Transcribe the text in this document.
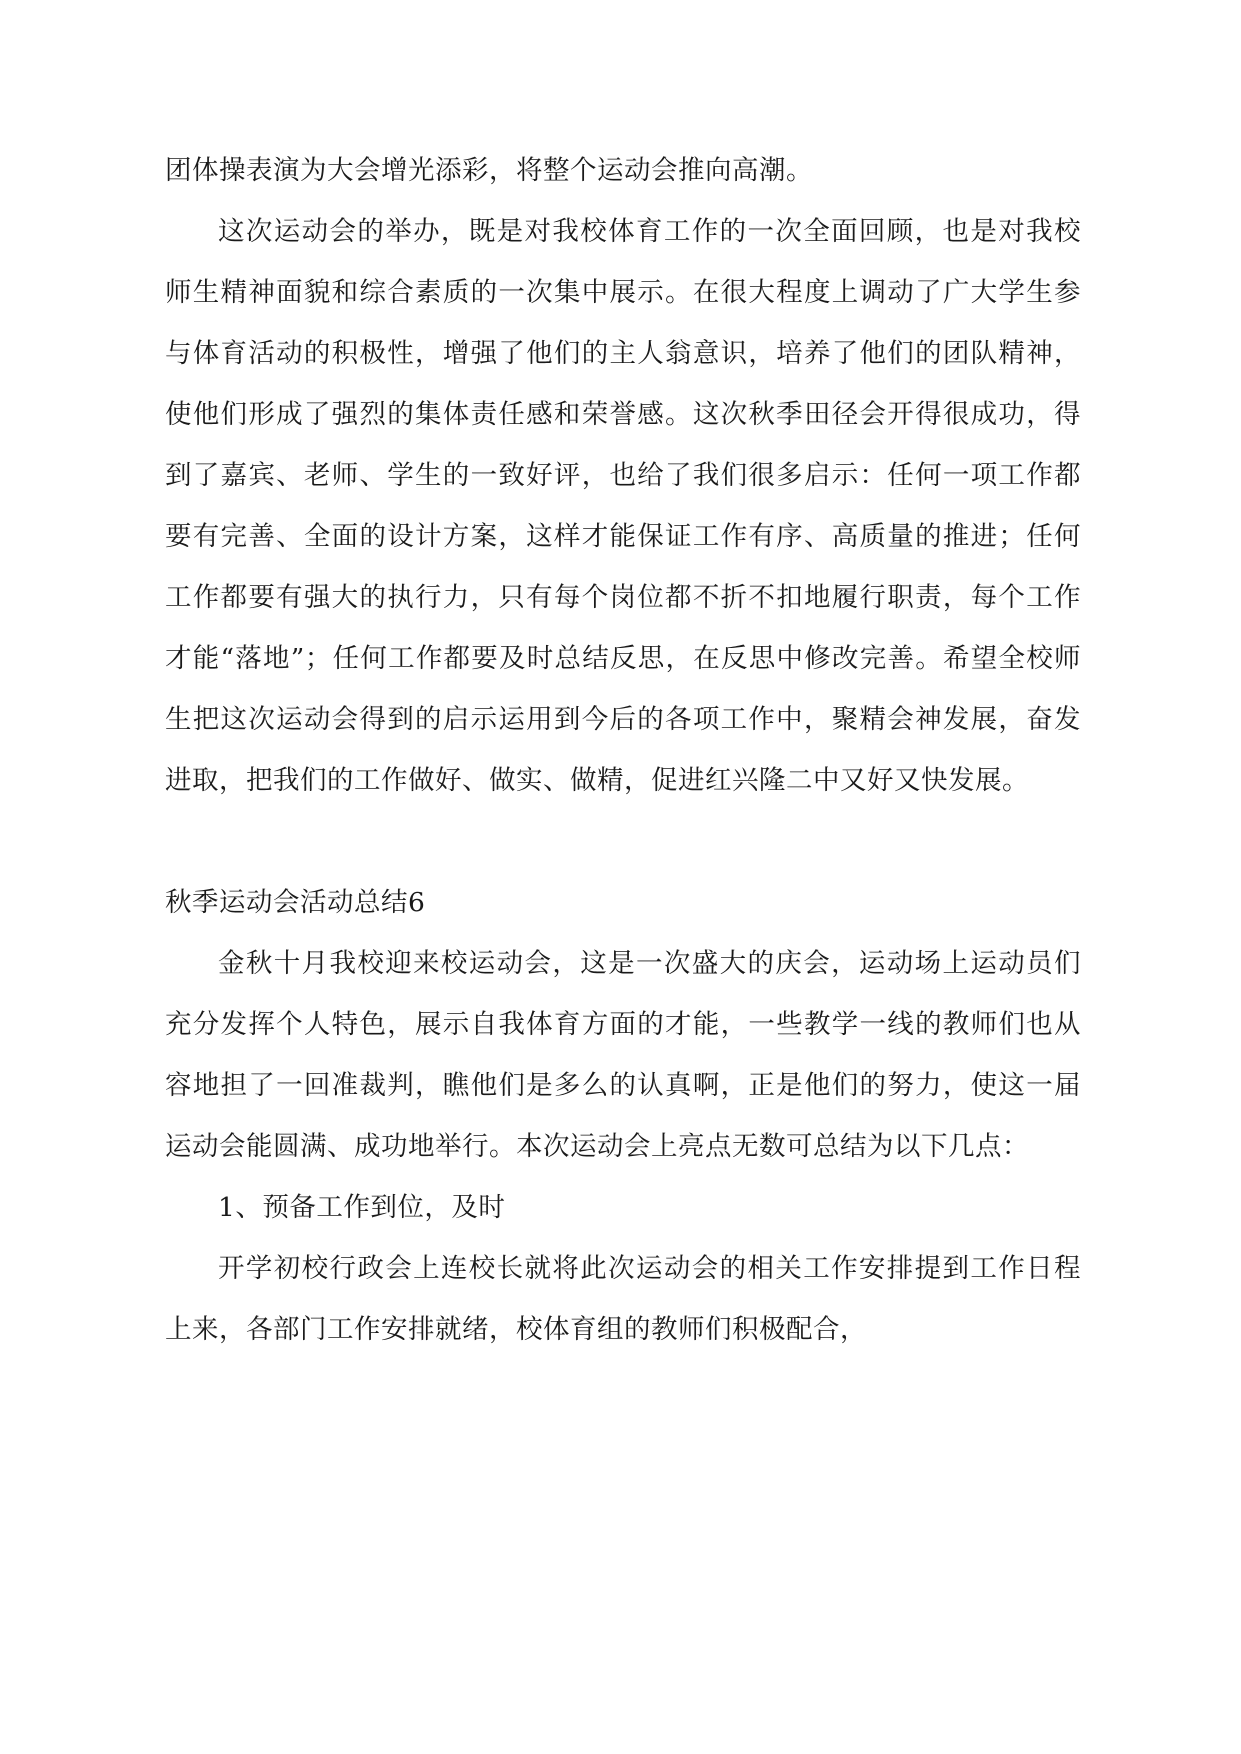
团体操表演为大会增光添彩，将整个运动会推向高潮。

这次运动会的举办，既是对我校体育工作的一次全面回顾，也是对我校师生精神面貌和综合素质的一次集中展示。在很大程度上调动了广大学生参与体育活动的积极性，增强了他们的主人翁意识，培养了他们的团队精神，使他们形成了强烈的集体责任感和荣誉感。这次秋季田径会开得很成功，得到了嘉宾、老师、学生的一致好评，也给了我们很多启示：任何一项工作都要有完善、全面的设计方案，这样才能保证工作有序、高质量的推进；任何工作都要有强大的执行力，只有每个岗位都不折不扣地履行职责，每个工作才能“落地”；任何工作都要及时总结反思，在反思中修改完善。希望全校师生把这次运动会得到的启示运用到今后的各项工作中，聚精会神发展，奋发进取，把我们的工作做好、做实、做精，促进红兴隆二中又好又快发展。

秋季运动会活动总结6

金秋十月我校迎来校运动会，这是一次盛大的庆会，运动场上运动员们充分发挥个人特色，展示自我体育方面的才能，一些教学一线的教师们也从容地担了一回准裁判，瞧他们是多么的认真啊，正是他们的努力，使这一届运动会能圆满、成功地举行。本次运动会上亮点无数可总结为以下几点：

1、预备工作到位，及时

开学初校行政会上连校长就将此次运动会的相关工作安排提到工作日程上来，各部门工作安排就绪，校体育组的教师们积极配合，
